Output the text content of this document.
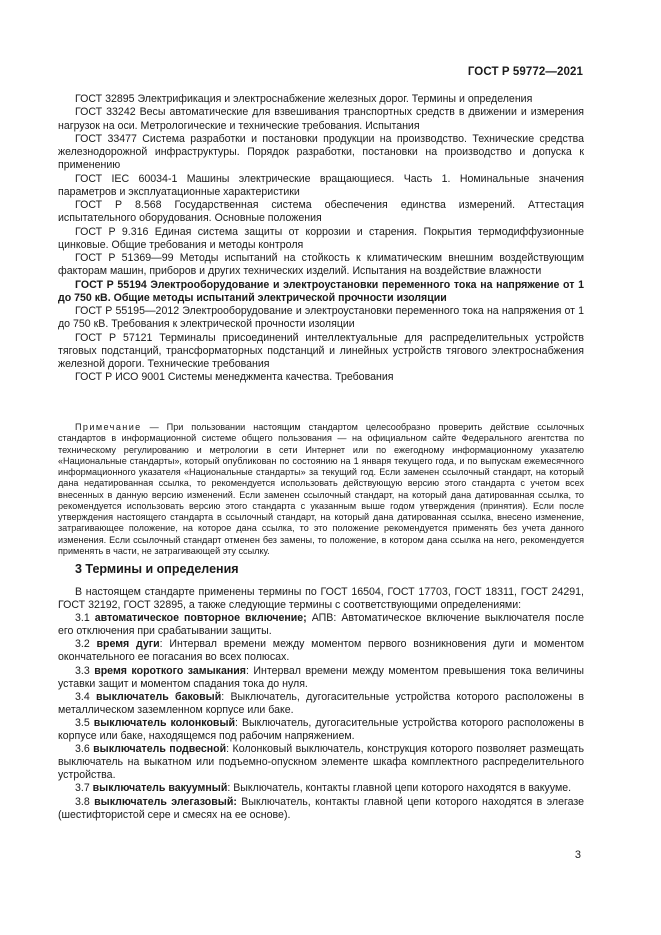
ГОСТ Р 59772—2021
ГОСТ 32895 Электрификация и электроснабжение железных дорог. Термины и определения
ГОСТ 33242 Весы автоматические для взвешивания транспортных средств в движении и измерения нагрузок на оси. Метрологические и технические требования. Испытания
ГОСТ 33477 Система разработки и постановки продукции на производство. Технические средства железнодорожной инфраструктуры. Порядок разработки, постановки на производство и допуска к применению
ГОСТ IEC 60034-1 Машины электрические вращающиеся. Часть 1. Номинальные значения параметров и эксплуатационные характеристики
ГОСТ Р 8.568 Государственная система обеспечения единства измерений. Аттестация испытательного оборудования. Основные положения
ГОСТ Р 9.316 Единая система защиты от коррозии и старения. Покрытия термодиффузионные цинковые. Общие требования и методы контроля
ГОСТ Р 51369—99 Методы испытаний на стойкость к климатическим внешним воздействующим факторам машин, приборов и других технических изделий. Испытания на воздействие влажности
ГОСТ Р 55194 Электрооборудование и электроустановки переменного тока на напряжение от 1 до 750 кВ. Общие методы испытаний электрической прочности изоляции
ГОСТ Р 55195—2012 Электрооборудование и электроустановки переменного тока на напряжения от 1 до 750 кВ. Требования к электрической прочности изоляции
ГОСТ Р 57121 Терминалы присоединений интеллектуальные для распределительных устройств тяговых подстанций, трансформаторных подстанций и линейных устройств тягового электроснабжения железной дороги. Технические требования
ГОСТ Р ИСО 9001 Системы менеджмента качества. Требования
Примечание — При пользовании настоящим стандартом целесообразно проверить действие ссылочных стандартов в информационной системе общего пользования — на официальном сайте Федерального агентства по техническому регулированию и метрологии в сети Интернет или по ежегодному информационному указателю «Национальные стандарты», который опубликован по состоянию на 1 января текущего года, и по выпускам ежемесячного информационного указателя «Национальные стандарты» за текущий год. Если заменен ссылочный стандарт, на который дана недатированная ссылка, то рекомендуется использовать действующую версию этого стандарта с учетом всех внесенных в данную версию изменений. Если заменен ссылочный стандарт, на который дана датированная ссылка, то рекомендуется использовать версию этого стандарта с указанным выше годом утверждения (принятия). Если после утверждения настоящего стандарта в ссылочный стандарт, на который дана датированная ссылка, внесено изменение, затрагивающее положение, на которое дана ссылка, то это положение рекомендуется применять без учета данного изменения. Если ссылочный стандарт отменен без замены, то положение, в котором дана ссылка на него, рекомендуется применять в части, не затрагивающей эту ссылку.
3 Термины и определения
В настоящем стандарте применены термины по ГОСТ 16504, ГОСТ 17703, ГОСТ 18311, ГОСТ 24291, ГОСТ 32192, ГОСТ 32895, а также следующие термины с соответствующими определениями:
3.1 автоматическое повторное включение; АПВ: Автоматическое включение выключателя после его отключения при срабатывании защиты.
3.2 время дуги: Интервал времени между моментом первого возникновения дуги и моментом окончательного ее погасания во всех полюсах.
3.3 время короткого замыкания: Интервал времени между моментом превышения тока величины уставки защит и моментом спадания тока до нуля.
3.4 выключатель баковый: Выключатель, дугогасительные устройства которого расположены в металлическом заземленном корпусе или баке.
3.5 выключатель колонковый: Выключатель, дугогасительные устройства которого расположены в корпусе или баке, находящемся под рабочим напряжением.
3.6 выключатель подвесной: Колонковый выключатель, конструкция которого позволяет размещать выключатель на выкатном или подъемно-опускном элементе шкафа комплектного распределительного устройства.
3.7 выключатель вакуумный: Выключатель, контакты главной цепи которого находятся в вакууме.
3.8 выключатель элегазовый: Выключатель, контакты главной цепи которого находятся в элегазе (шестифтористой сере и смесях на ее основе).
3
